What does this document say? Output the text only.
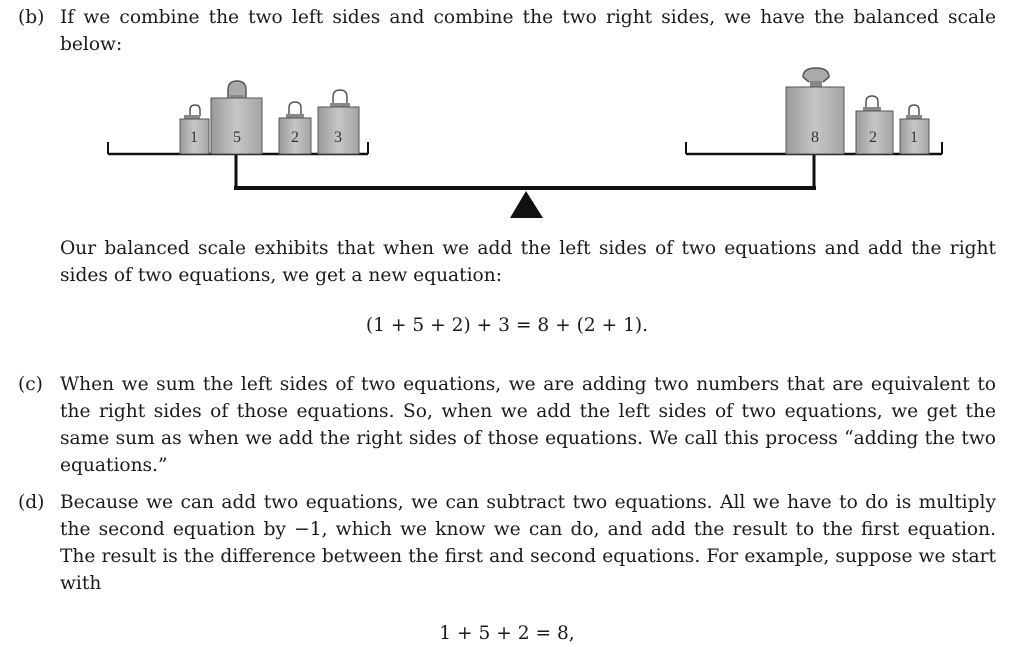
(b) If we combine the two left sides and combine the two right sides, we have the balanced scale below:
1 5	2 3	8	2 1
Our balanced scale exhibits that when we add the left sides of two equations and add the right sides of two equations, we get a new equation:
(1 + 5 + 2) + 3 = 8 + (2 + 1).
(c) When we sum the left sides of two equations, we are adding two numbers that are equivalent to the right sides of those equations. So, when we add the left sides of two equations, we get the same sum as when we add the right sides of those equations. We call this process “adding the two equations.”
(d) Because we can add two equations, we can subtract two equations. All we have to do is multiply the second equation by −1, which we know we can do, and add the result to the first equation. The result is the difference between the first and second equations. For example, suppose we start with
1 + 5 + 2 = 8,
